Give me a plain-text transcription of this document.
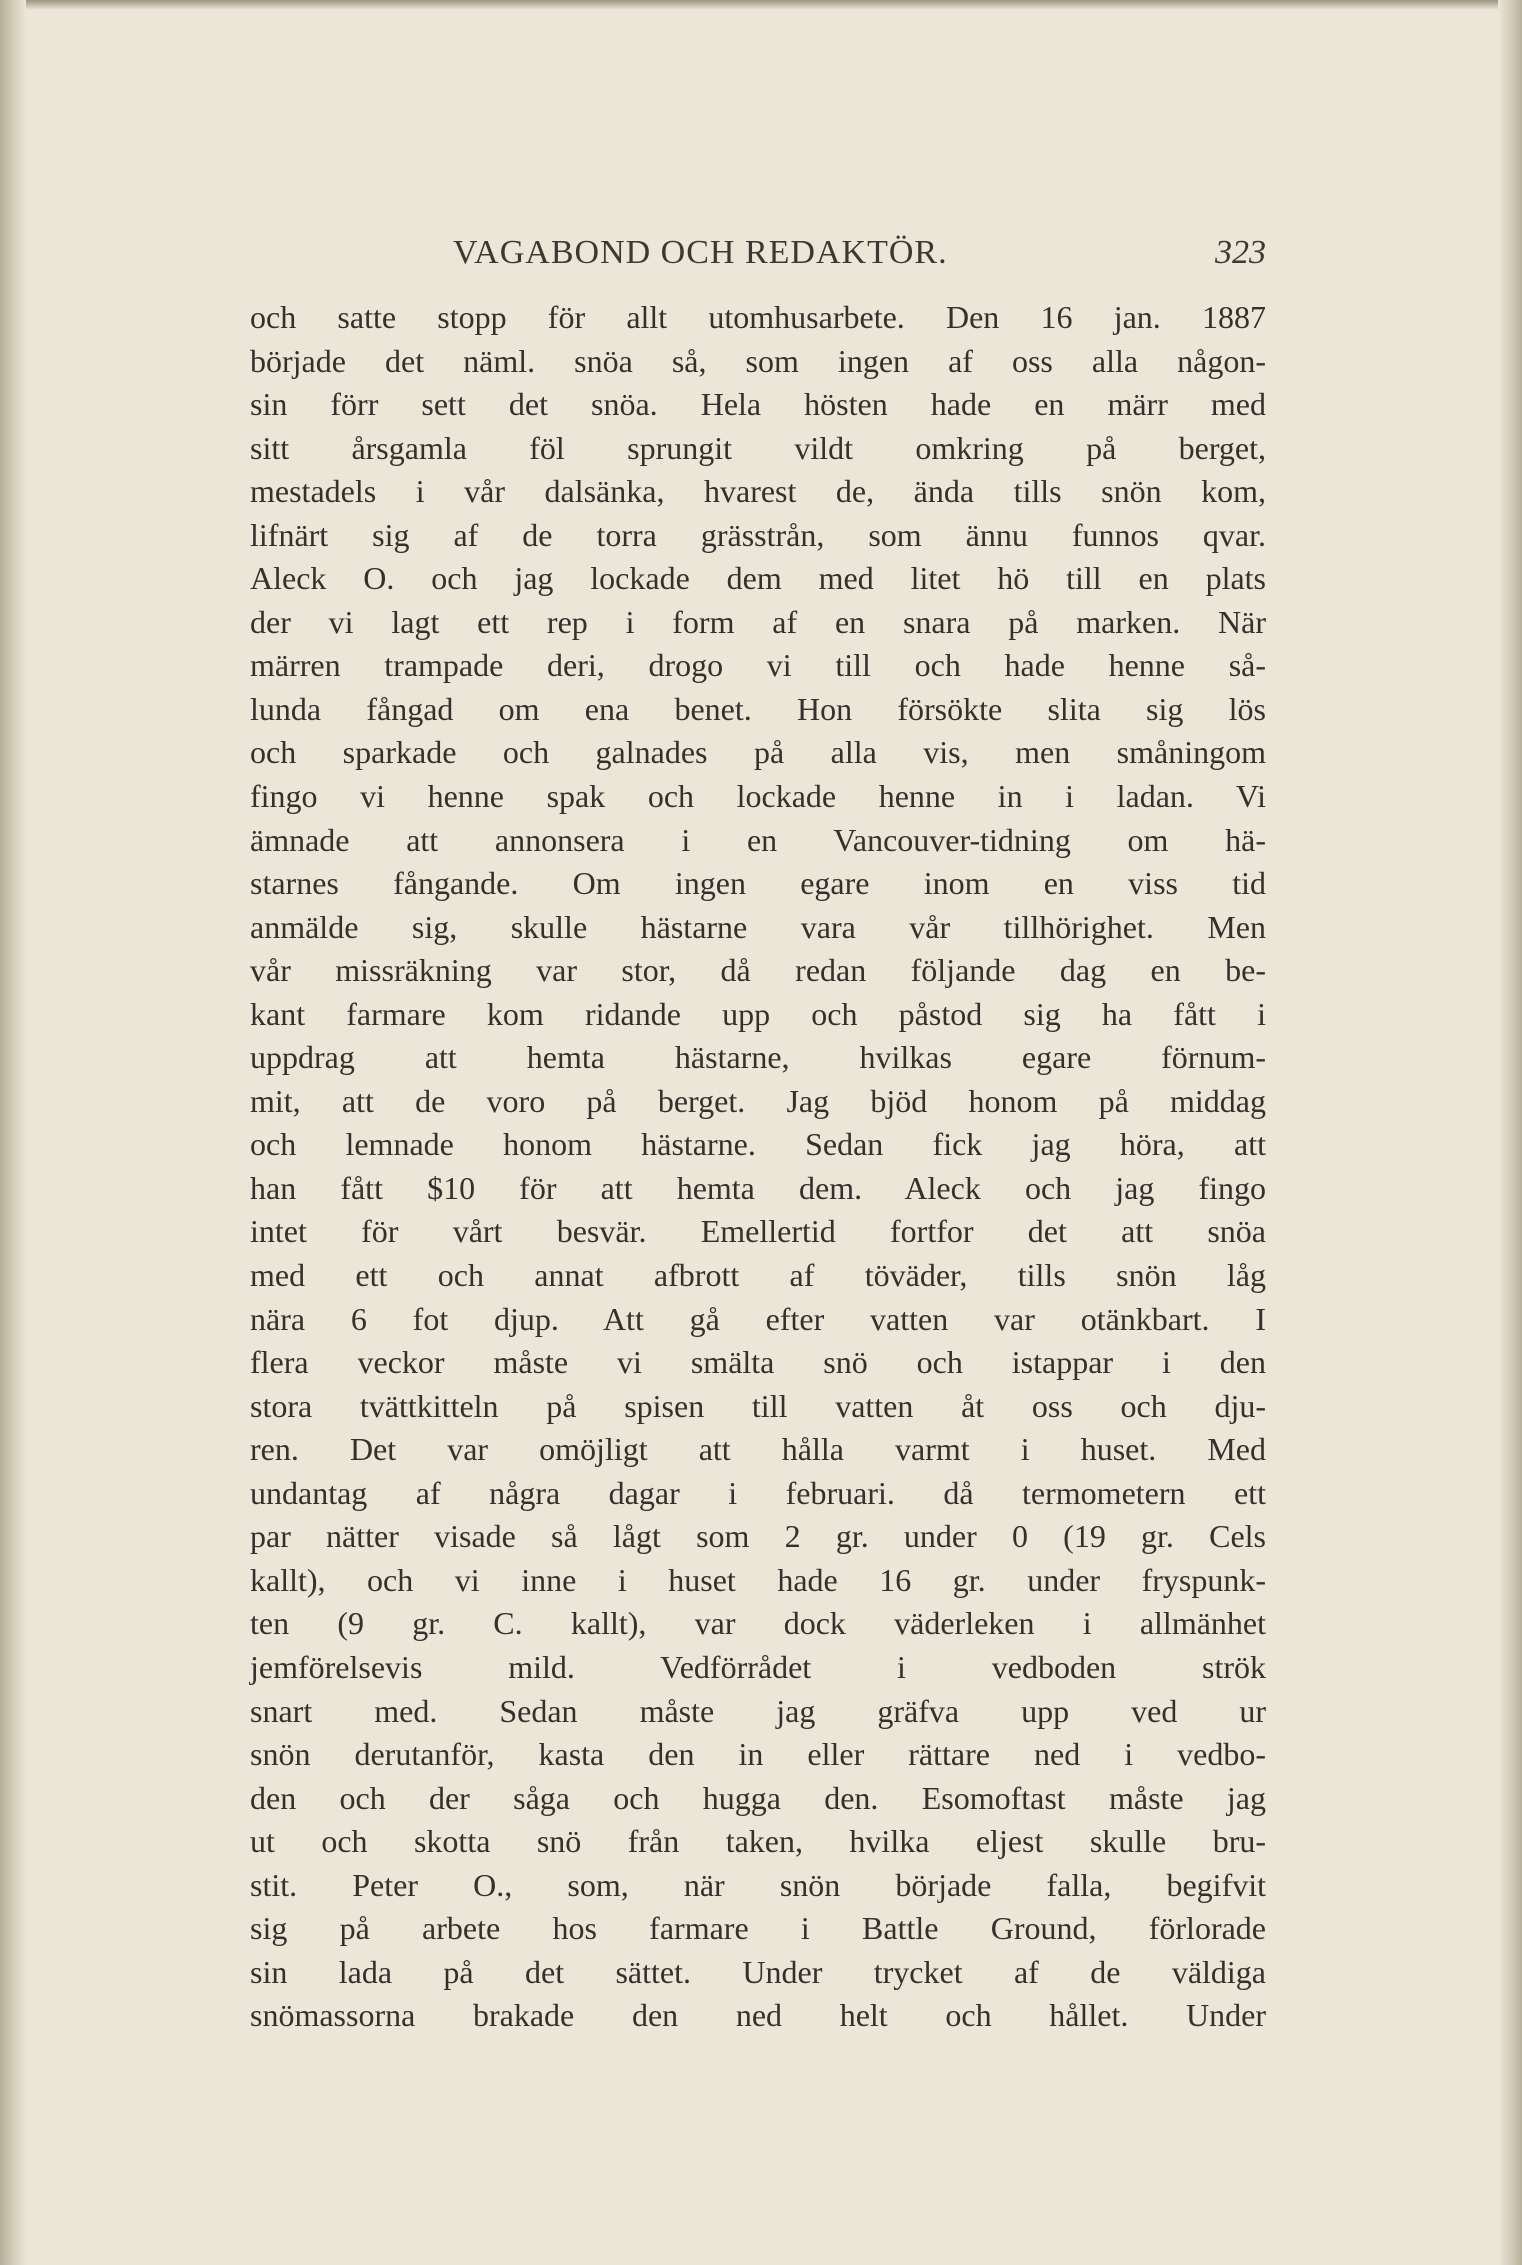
VAGABOND OCH REDAKTÖR.	323
och satte stopp för allt utomhusarbete. Den 16 jan. 1887
började det näml. snöa så, som ingen af oss alla någon-
sin förr sett det snöa. Hela hösten hade en märr med
sitt årsgamla föl sprungit vildt omkring på berget,
mestadels i vår dalsänka, hvarest de, ända tills snön kom,
lifnärt sig af de torra grässtrån, som ännu funnos qvar.
Aleck O. och jag lockade dem med litet hö till en plats
der vi lagt ett rep i form af en snara på marken. När
märren trampade deri, drogo vi till och hade henne så-
lunda fångad om ena benet. Hon försökte slita sig lös
och sparkade och galnades på alla vis, men småningom
fingo vi henne spak och lockade henne in i ladan. Vi
ämnade att annonsera i en Vancouver-tidning om hä-
starnes fångande. Om ingen egare inom en viss tid
anmälde sig, skulle hästarne vara vår tillhörighet. Men
vår missräkning var stor, då redan följande dag en be-
kant farmare kom ridande upp och påstod sig ha fått i
uppdrag att hemta hästarne, hvilkas egare förnum-
mit, att de voro på berget. Jag bjöd honom på middag
och lemnade honom hästarne. Sedan fick jag höra, att
han fått $10 för att hemta dem. Aleck och jag fingo
intet för vårt besvär. Emellertid fortfor det att snöa
med ett och annat afbrott af töväder, tills snön låg
nära 6 fot djup. Att gå efter vatten var otänkbart. I
flera veckor måste vi smälta snö och istappar i den
stora tvättkitteln på spisen till vatten åt oss och dju-
ren. Det var omöjligt att hålla varmt i huset. Med
undantag af några dagar i februari. då termometern ett
par nätter visade så lågt som 2 gr. under 0 (19 gr. Cels
kallt), och vi inne i huset hade 16 gr. under fryspunk-
ten (9 gr. C. kallt), var dock väderleken i allmänhet
jemförelsevis mild. Vedförrådet i vedboden strök
snart med. Sedan måste jag gräfva upp ved ur
snön derutanför, kasta den in eller rättare ned i vedbo-
den och der såga och hugga den. Esomoftast måste jag
ut och skotta snö från taken, hvilka eljest skulle bru-
stit. Peter O., som, när snön började falla, begifvit
sig på arbete hos farmare i Battle Ground, förlorade
sin lada på det sättet. Under trycket af de väldiga
snömassorna brakade den ned helt och hållet. Under
